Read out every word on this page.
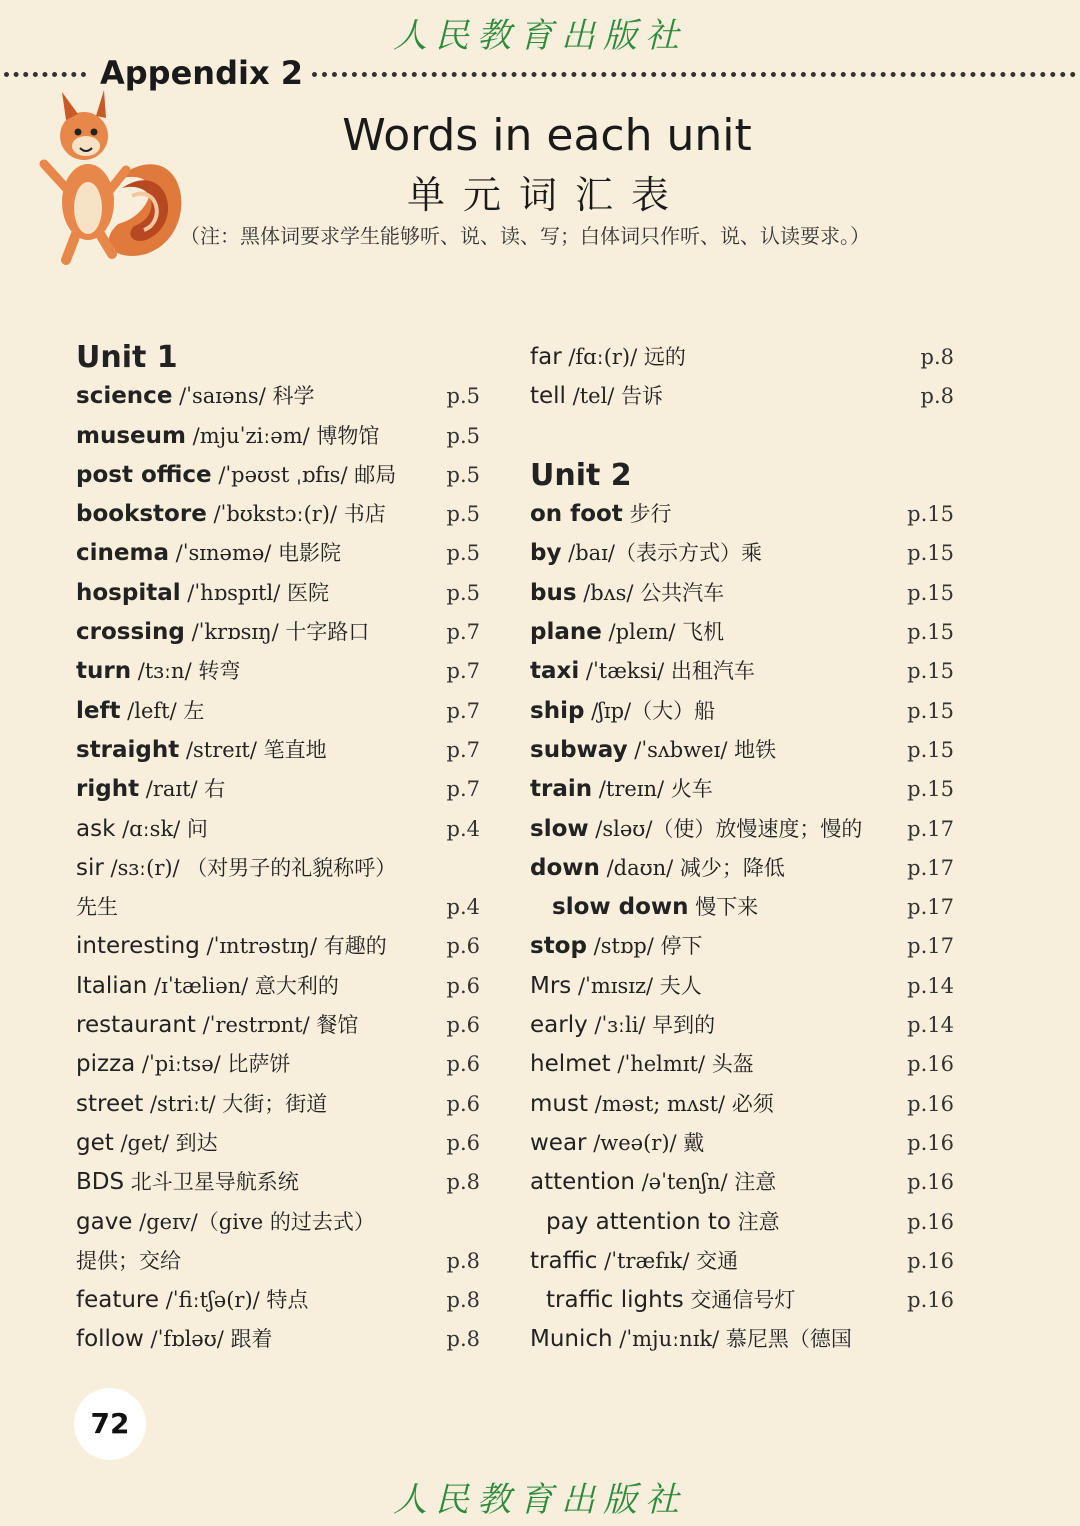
人民教育出版社
Appendix 2
Words in each unit
单元词汇表
（注：黑体词要求学生能够听、说、读、写；白体词只作听、说、认读要求。）
Unit 1
science /ˈsaɪəns/ 科学	p.5
museum /mjuˈziːəm/ 博物馆	p.5
post office /ˈpəʊst ˌɒfɪs/ 邮局 p.5
bookstore /ˈbʊkstɔː(r)/ 书店	p.5
cinema /ˈsɪnəmə/ 电影院	p.5
hospital /ˈhɒspɪtl/ 医院	p.5
crossing /ˈkrɒsɪŋ/ 十字路口	p.7
turn /tɜːn/ 转弯	p.7
left /left/ 左	p.7
straight /streɪt/ 笔直地	p.7
right /raɪt/ 右	p.7
ask /ɑːsk/ 问	p.4
sir /sɜː(r)/ （对男子的礼貌称呼）
先生	p.4
interesting /ˈɪntrəstɪŋ/ 有趣的	p.6
Italian /ɪˈtæliən/ 意大利的	p.6
restaurant /ˈrestrɒnt/ 餐馆	p.6
pizza /ˈpiːtsə/ 比萨饼	p.6
street /striːt/ 大街；街道	p.6
get /get/ 到达	p.6
BDS 北斗卫星导航系统	p.8
gave /geɪv/（give 的过去式）
提供；交给	p.8
feature /ˈfiːtʃə(r)/ 特点	p.8
follow /ˈfɒləʊ/ 跟着	p.8
far /fɑː(r)/ 远的	p.8
tell /tel/ 告诉	p.8
Unit 2
on foot 步行	p.15
by /baɪ/（表示方式）乘	p.15
bus /bʌs/ 公共汽车	p.15
plane /pleɪn/ 飞机	p.15
taxi /ˈtæksi/ 出租汽车	p.15
ship /ʃɪp/（大）船	p.15
subway /ˈsʌbweɪ/ 地铁	p.15
train /treɪn/ 火车	p.15
slow /sləʊ/（使）放慢速度；慢的 p.17
down /daʊn/ 减少；降低	p.17
slow down 慢下来	p.17
stop /stɒp/ 停下	p.17
Mrs /ˈmɪsɪz/ 夫人	p.14
early /ˈɜːli/ 早到的	p.14
helmet /ˈhelmɪt/ 头盔	p.16
must /məst; mʌst/ 必须	p.16
wear /weə(r)/ 戴	p.16
attention /əˈtenʃn/ 注意	p.16
pay attention to 注意	p.16
traffic /ˈtræfɪk/ 交通	p.16
traffic lights 交通信号灯	p.16
Munich /ˈmjuːnɪk/ 慕尼黑（德国
72
人民教育出版社
